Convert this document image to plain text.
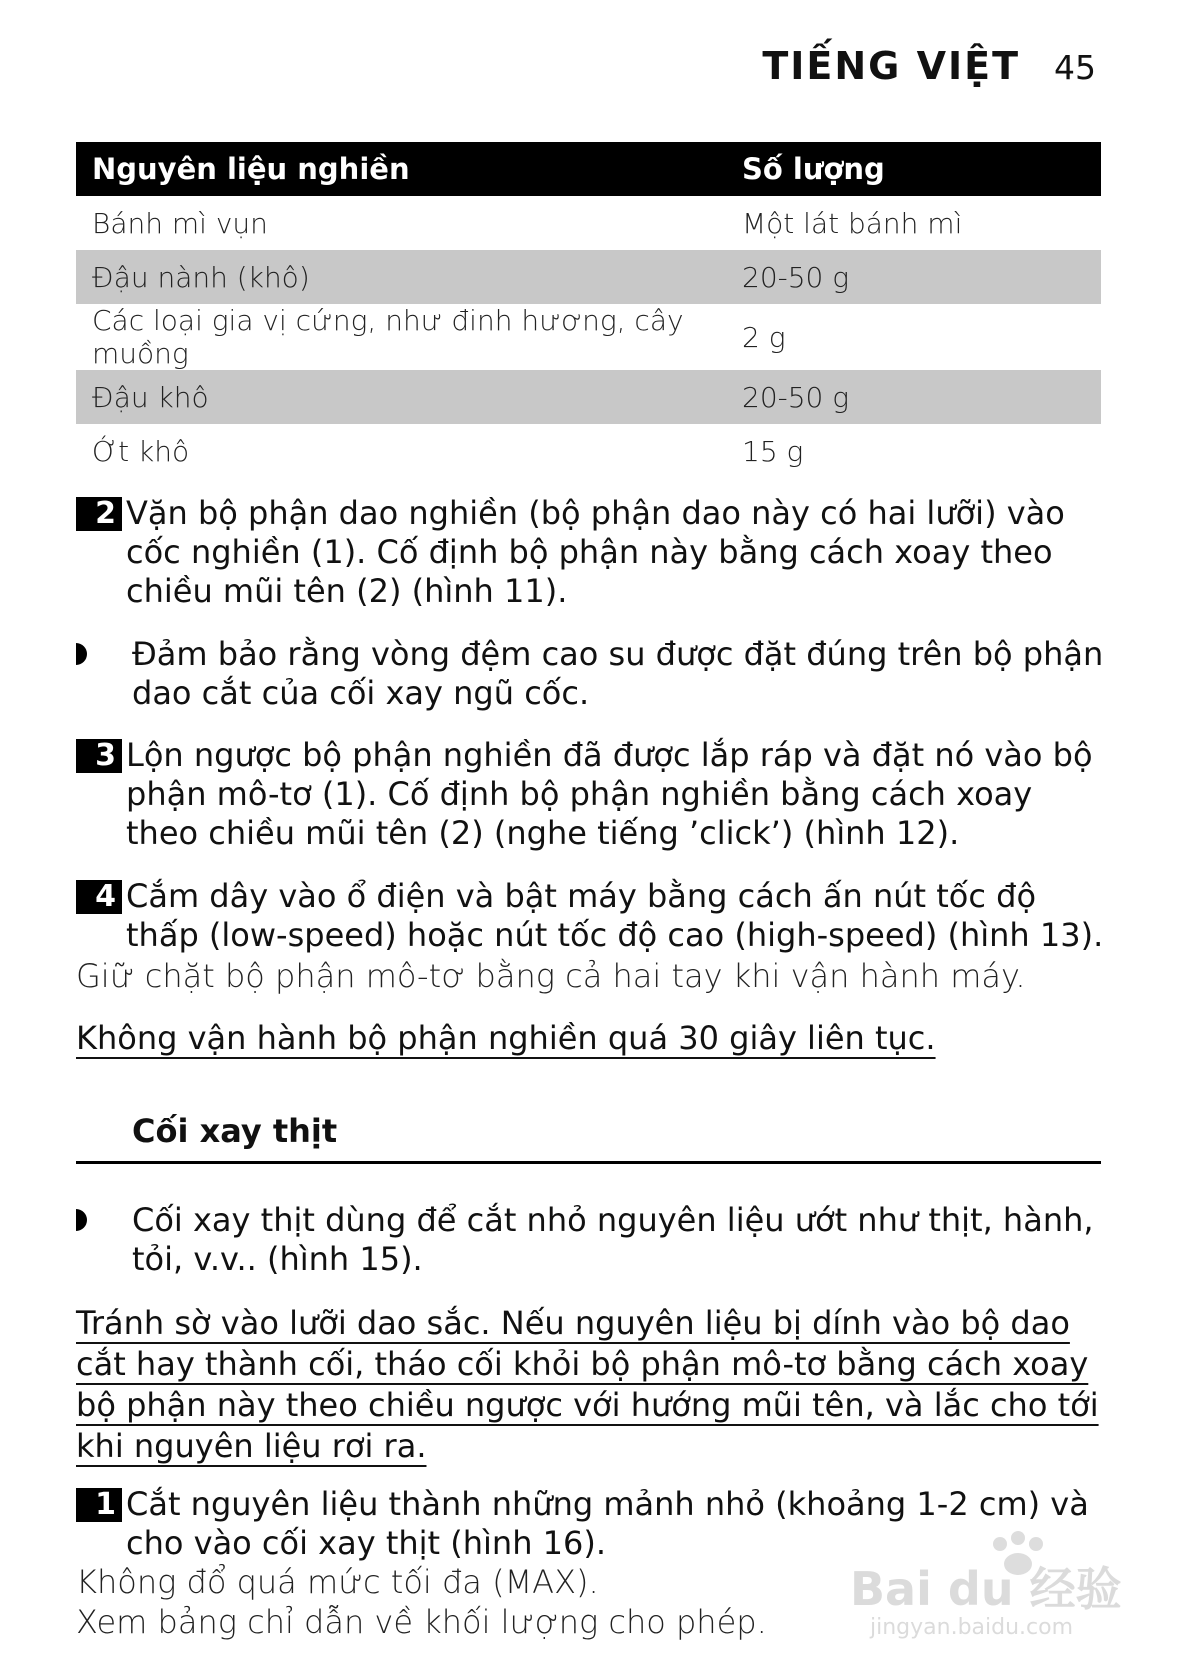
TIẾNG VIỆT 45
Nguyên liệu nghiền	Số lượng
Bánh mì vụn	Một lát bánh mì
Đậu nành (khô)	20-50 g
Các loại gia vị cứng, như đinh hương, cây muồng	2 g
Đậu khô	20-50 g
Ớt khô	15 g
2 Vặn bộ phận dao nghiền (bộ phận dao này có hai lưỡi) vào cốc nghiền (1). Cố định bộ phận này bằng cách xoay theo chiều mũi tên (2) (hình 11).
Đảm bảo rằng vòng đệm cao su được đặt đúng trên bộ phận dao cắt của cối xay ngũ cốc.
3 Lộn ngược bộ phận nghiền đã được lắp ráp và đặt nó vào bộ phận mô-tơ (1). Cố định bộ phận nghiền bằng cách xoay theo chiều mũi tên (2) (nghe tiếng ’click’) (hình 12).
4 Cắm dây vào ổ điện và bật máy bằng cách ấn nút tốc độ thấp (low-speed) hoặc nút tốc độ cao (high-speed) (hình 13).
Giữ chặt bộ phận mô-tơ bằng cả hai tay khi vận hành máy.
Không vận hành bộ phận nghiền quá 30 giây liên tục.
Cối xay thịt
Cối xay thịt dùng để cắt nhỏ nguyên liệu ướt như thịt, hành, tỏi, v.v.. (hình 15).
Tránh sờ vào lưỡi dao sắc. Nếu nguyên liệu bị dính vào bộ dao cắt hay thành cối, tháo cối khỏi bộ phận mô-tơ bằng cách xoay bộ phận này theo chiều ngược với hướng mũi tên, và lắc cho tới khi nguyên liệu rơi ra.
1 Cắt nguyên liệu thành những mảnh nhỏ (khoảng 1-2 cm) và cho vào cối xay thịt (hình 16).
Không đổ quá mức tối đa (MAX).
Xem bảng chỉ dẫn về khối lượng cho phép.
Bai du 经验
jingyan.baidu.com
